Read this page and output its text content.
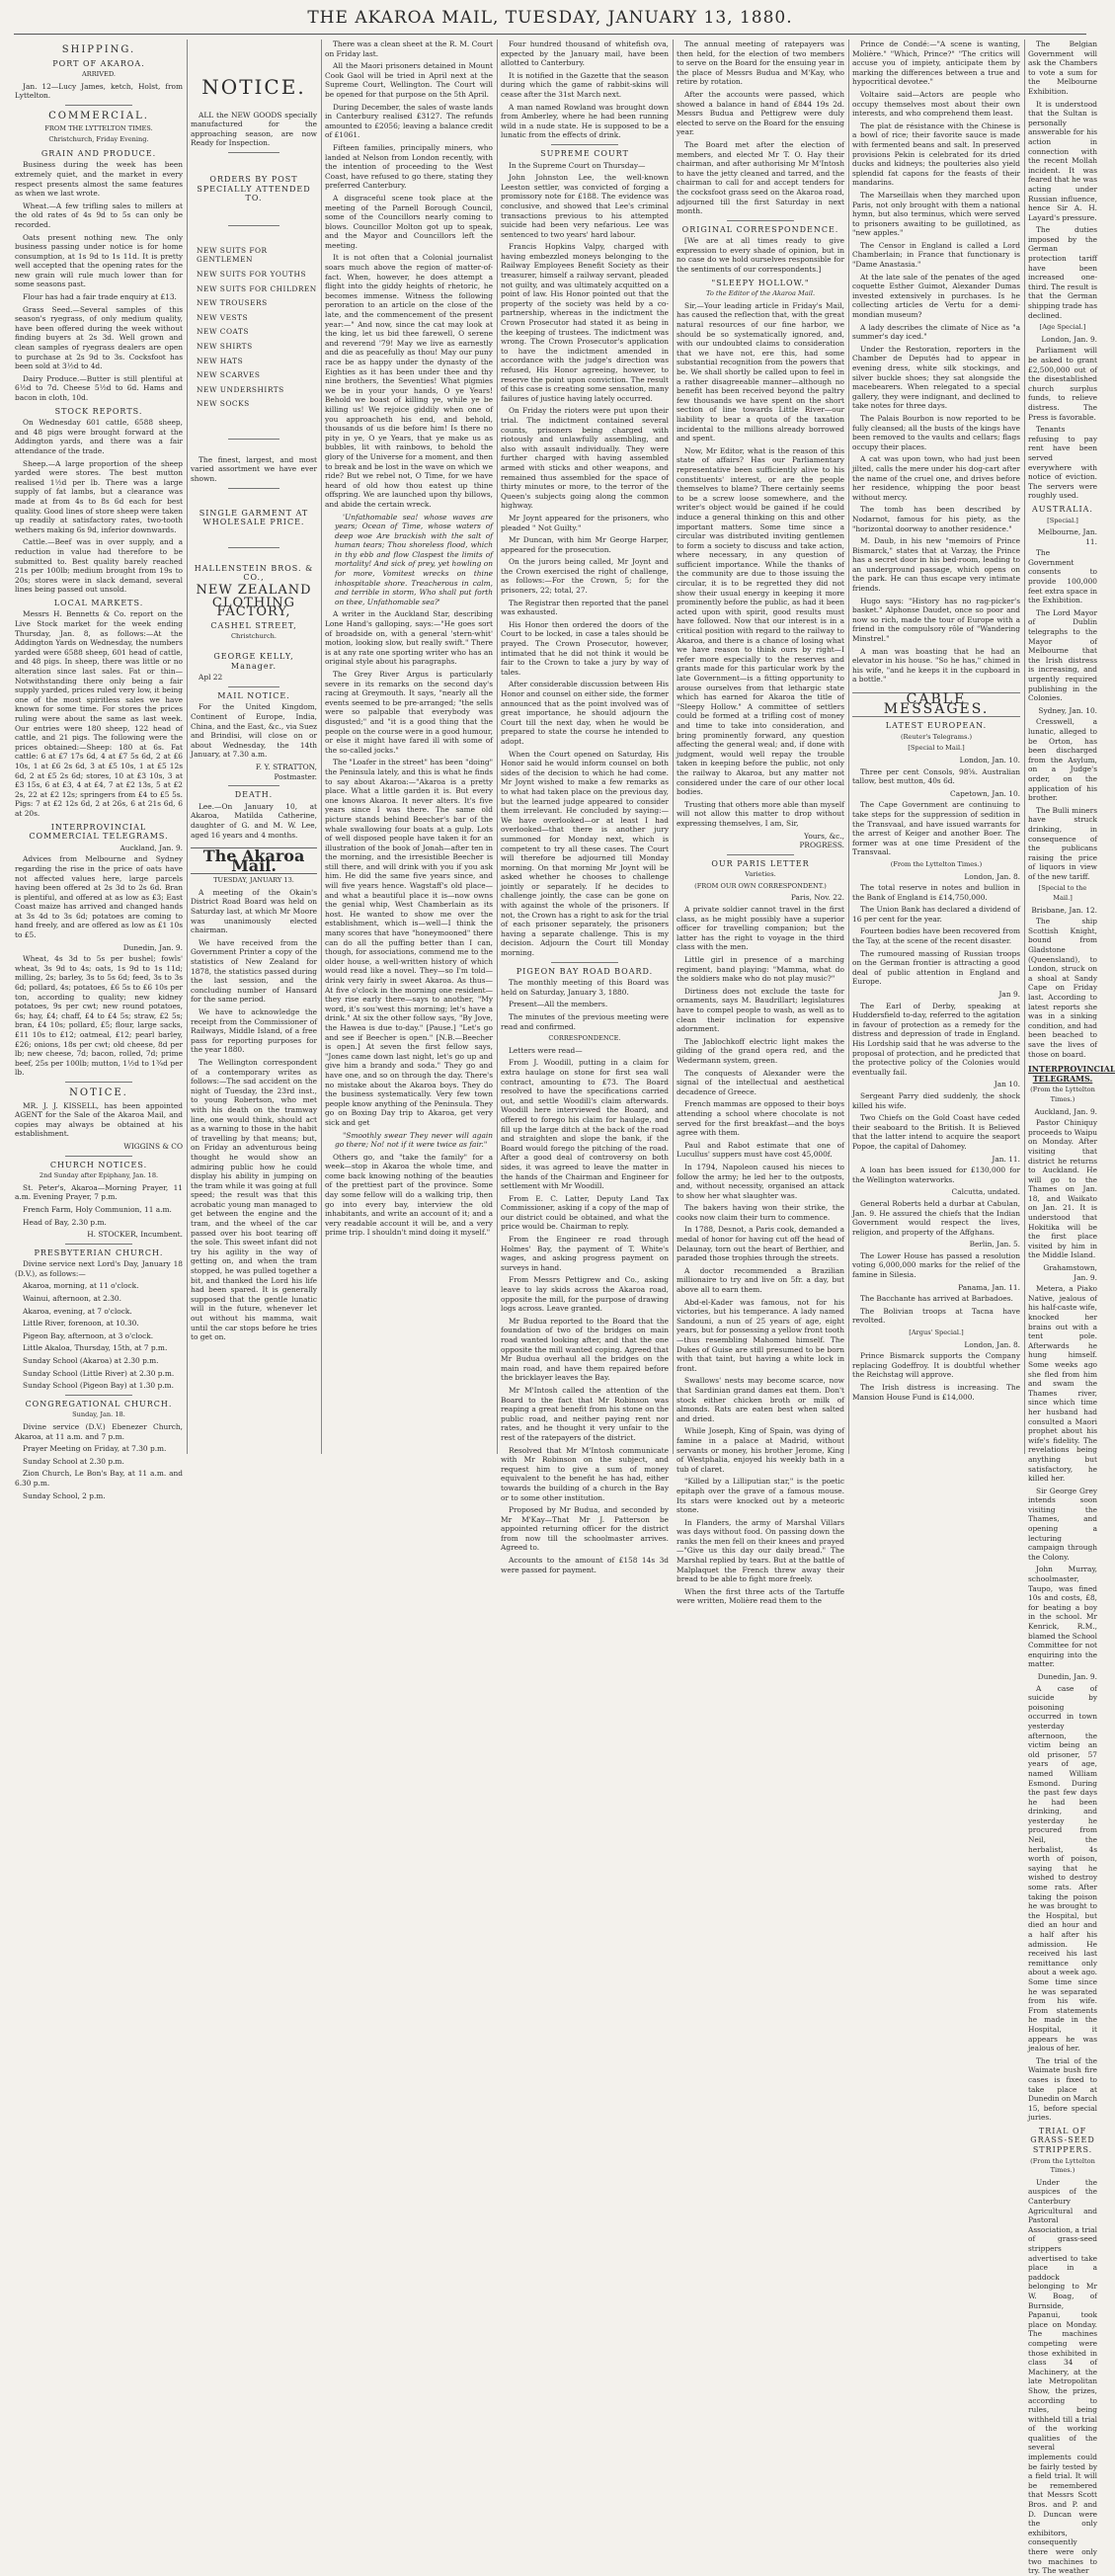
THE AKAROA MAIL, TUESDAY, JANUARY 13, 1880.
SHIPPING.
PORT OF AKAROA.
ARRIVED.
Jan. 12—Lucy James, ketch, Holst, from Lyttelton.
COMMERCIAL.
FROM THE LYTTELTON TIMES.
Christchurch, Friday Evening.
GRAIN AND PRODUCE.
Business during the week has been extremely quiet, and the market in every respect presents almost the same features as when we last wrote.
Wheat.—A few trifling sales to millers at the old rates of 4s 9d to 5s can only be recorded.
Oats present nothing new. The only business passing under notice is for home consumption, at 1s 9d to 1s 11d. It is pretty well accepted that the opening rates for the new grain will rule much lower than for some seasons past.
Flour has had a fair trade enquiry at £13.
Grass Seed.—Several samples of this season's ryegrass, of only medium quality, have been offered during the week without finding buyers at 2s 3d. Well grown and clean samples of ryegrass dealers are open to purchase at 2s 9d to 3s. Cocksfoot has been sold at 3½d to 4d.
Dairy Produce.—Butter is still plentiful at 6½d to 7d. Cheese 5½d to 6d. Hams and bacon in cloth, 10d.
STOCK REPORTS.
On Wednesday 601 cattle, 6588 sheep, and 48 pigs were brought forward at the Addington yards, and there was a fair attendance of the trade.
Sheep.—A large proportion of the sheep yarded were stores. The best mutton realised 1½d per lb. There was a large supply of fat lambs, but a clearance was made at from 4s to 8s 6d each for best quality. Good lines of store sheep were taken up readily at satisfactory rates, two-tooth wethers making 6s 9d, inferior downwards.
Cattle.—Beef was in over supply, and a reduction in value had therefore to be submitted to. Best quality barely reached 21s per 100lb; medium brought from 19s to 20s; stores were in slack demand, several lines being passed out unsold.
LOCAL MARKETS.
Messrs H. Bennetts & Co. report on the Live Stock market for the week ending Thursday, Jan. 8, as follows:—At the Addington Yards on Wednesday, the numbers yarded were 6588 sheep, 601 head of cattle, and 48 pigs. In sheep, there was little or no alteration since last sales. Fat or thin—Notwithstanding there only being a fair supply yarded, prices ruled very low, it being one of the most spiritless sales we have known for some time. For stores the prices ruling were about the same as last week. Our entries were 180 sheep, 122 head of cattle, and 21 pigs. The following were the prices obtained:—Sheep: 180 at 6s. Fat cattle: 6 at £7 17s 6d, 4 at £7 5s 6d, 2 at £6 10s, 1 at £6 2s 6d, 3 at £5 10s, 1 at £5 12s 6d, 2 at £5 2s 6d; stores, 10 at £3 10s, 3 at £3 15s, 6 at £3, 4 at £4, 7 at £2 13s, 5 at £2 2s, 22 at £2 12s; springers from £4 to £5 5s. Pigs: 7 at £2 12s 6d, 2 at 26s, 6 at 21s 6d, 6 at 20s.
INTERPROVINCIAL COMMERCIAL TELEGRAMS.
Auckland, Jan. 9.
Advices from Melbourne and Sydney regarding the rise in the price of oats have not affected values here, large parcels having been offered at 2s 3d to 2s 6d. Bran is plentiful, and offered at as low as £3; East Coast maize has arrived and changed hands at 3s 4d to 3s 6d; potatoes are coming to hand freely, and are offered as low as £1 10s to £5.
Dunedin, Jan. 9.
Wheat, 4s 3d to 5s per bushel; fowls' wheat, 3s 9d to 4s; oats, 1s 9d to 1s 11d; milling, 2s; barley, 3s to 5s 6d; feed, 3s to 3s 6d; pollard, 4s; potatoes, £6 5s to £6 10s per ton, according to quality; new kidney potatoes, 9s per cwt; new round potatoes, 6s; hay, £4; chaff, £4 to £4 5s; straw, £2 5s; bran, £4 10s; pollard, £5; flour, large sacks, £11 10s to £12; oatmeal, £12; pearl barley, £26; onions, 18s per cwt; old cheese, 8d per lb; new cheese, 7d; bacon, rolled, 7d; prime beef, 25s per 100lb; mutton, 1½d to 1¾d per lb.
NOTICE.
MR. J. J. KISSELL, has been appointed AGENT for the Sale of the Akaroa Mail, and copies may always be obtained at his establishment.
WIGGINS & CO
CHURCH NOTICES.
2nd Sunday after Epiphany, Jan. 18.
St. Peter's, Akaroa—Morning Prayer, 11 a.m. Evening Prayer, 7 p.m.
French Farm, Holy Communion, 11 a.m.
Head of Bay, 2.30 p.m.
H. STOCKER, Incumbent.
PRESBYTERIAN CHURCH.
Divine service next Lord's Day, January 18 (D.V.), as follows:—
Akaroa, morning, at 11 o'clock.
Wainui, afternoon, at 2.30.
Akaroa, evening, at 7 o'clock.
Little River, forenoon, at 10.30.
Pigeon Bay, afternoon, at 3 o'clock.
Little Akaloa, Thursday, 15th, at 7 p.m.
Sunday School (Akaroa) at 2.30 p.m.
Sunday School (Little River) at 2.30 p.m.
Sunday School (Pigeon Bay) at 1.30 p.m.
CONGREGATIONAL CHURCH.
Sunday, Jan. 18.
Divine service (D.V.) Ebenezer Church, Akaroa, at 11 a.m. and 7 p.m.
Prayer Meeting on Friday, at 7.30 p.m.
Sunday School at 2.30 p.m.
Zion Church, Le Bon's Bay, at 11 a.m. and 6.30 p.m.
Sunday School, 2 p.m.
NOTICE.
ALL the NEW GOODS specially manufactured for the approaching season, are now Ready for Inspection.
ORDERS BY POST SPECIALLY ATTENDED TO.
NEW SUITS FOR GENTLEMEN
NEW SUITS FOR YOUTHS
NEW SUITS FOR CHILDREN
NEW TROUSERS
NEW VESTS
NEW COATS
NEW SHIRTS
NEW HATS
NEW SCARVES
NEW UNDERSHIRTS
NEW SOCKS
The finest, largest, and most varied assortment we have ever shown.
SINGLE GARMENT AT WHOLESALE PRICE.
HALLENSTEIN BROS. & CO.,
NEW ZEALAND
CLOTHING FACTORY,
CASHEL STREET,
Christchurch.
GEORGE KELLY, Manager.
Apl 22
MAIL NOTICE.
For the United Kingdom, Continent of Europe, India, China, and the East, &c., via Suez and Brindisi, will close on or about Wednesday, the 14th January, at 7.30 a.m.
F. Y. STRATTON,
Postmaster.
DEATH.
Lee.—On January 10, at Akaroa, Matilda Catherine, daughter of G. and M. W. Lee, aged 16 years and 4 months.
The Akaroa Mail.
TUESDAY, JANUARY 13.
A meeting of the Okain's District Road Board was held on Saturday last, at which Mr Moore was unanimously elected chairman.
We have received from the Government Printer a copy of the statistics of New Zealand for 1878, the statistics passed during the last session, and the concluding number of Hansard for the same period.
We have to acknowledge the receipt from the Commissioner of Railways, Middle Island, of a free pass for reporting purposes for the year 1880.
The Wellington correspondent of a contemporary writes as follows:—The sad accident on the night of Tuesday, the 23rd inst., to young Robertson, who met with his death on the tramway line, one would think, should act as a warning to those in the habit of travelling by that means; but, on Friday an adventurous being thought he would show an admiring public how he could display his ability in jumping on the tram while it was going at full speed; the result was that this acrobatic young man managed to get between the engine and the tram, and the wheel of the car passed over his boot tearing off the sole. This sweet infant did not try his agility in the way of getting on, and when the tram stopped, he was pulled together a bit, and thanked the Lord his life had been spared. It is generally supposed that the gentle lunatic will in the future, whenever let out without his mamma, wait until the car stops before he tries to get on.
There was a clean sheet at the R. M. Court on Friday last.
All the Maori prisoners detained in Mount Cook Gaol will be tried in April next at the Supreme Court, Wellington. The Court will be opened for that purpose on the 5th April.
During December, the sales of waste lands in Canterbury realised £3127. The refunds amounted to £2056; leaving a balance credit of £1061.
Fifteen families, principally miners, who landed at Nelson from London recently, with the intention of proceeding to the West Coast, have refused to go there, stating they preferred Canterbury.
A disgraceful scene took place at the meeting of the Parnell Borough Council, some of the Councillors nearly coming to blows. Councillor Molton got up to speak, and the Mayor and Councillors left the meeting.
It is not often that a Colonial journalist soars much above the region of matter-of-fact. When, however, he does attempt a flight into the giddy heights of rhetoric, he becomes immense. Witness the following peroration to an article on the close of the late, and the commencement of the present year:—" And now, since the cat may look at the king, let us bid thee farewell, O serene and reverend '79! May we live as earnestly and die as peacefully as thou! May our puny race be as happy under the dynasty of the Eighties as it has been under thee and thy nine brothers, the Seventies! What pigmies we be in your your hands, O ye Years! Behold we boast of killing ye, while ye be killing us! We rejoice giddily when one of you approacheth his end, and behold, thousands of us die before him! Is there no pity in ye, O ye Years, that ye make us as bubbles, lit with rainbows, to behold the glory of the Universe for a moment, and then to break and be lost in the wave on which we ride? But we rebel not, O Time, for we have heard of old how thou eatest up thine offspring. We are launched upon thy billows, and abide the certain wreck.
'Unfathomable sea! whose waves are years; Ocean of Time, whose waters of deep woe Are brackish with the salt of human tears; Thou shoreless flood, which in thy ebb and flow Claspest the limits of mortality! And sick of prey, yet howling on for more, Vomitest wrecks on thine inhospitable shore. Treacherous in calm, and terrible in storm, Who shall put forth on thee, Unfathomable sea?'
A writer in the Auckland Star, describing Lone Hand's galloping, says:—"He goes sort of broadside on, with a general 'stern-whit' motion, looking slow, but really swift." There is at any rate one sporting writer who has an original style about his paragraphs.
The Grey River Argus is particularly severe in its remarks on the second day's racing at Greymouth. It says, "nearly all the events seemed to be pre-arranged; "the sells were so palpable that everybody was disgusted;" and "it is a good thing that the people on the course were in a good humour, or else it might have fared ill with some of the so-called jocks."
The "Loafer in the street" has been "doing" the Peninsula lately, and this is what he finds to say about Akaroa:—"Akaroa is a pretty place. What a little garden it is. But every one knows Akaroa. It never alters. It's five years since I was there. The same old picture stands behind Beecher's bar of the whale swallowing four boats at a gulp. Lots of well disposed people have taken it for an illustration of the book of Jonah—after ten in the morning, and the irresistible Beecher is still there, and will drink with you if you ask him. He did the same five years since, and will five years hence. Wagstaff's old place—and what a beautiful place it is—now owns the genial whip, West Chamberlain as its host. He wanted to show me over the establishment, which is—well—I think the many scores that have "honeymooned" there can do all the puffing better than I can, though, for associations, commend me to the older house, a well-written history of which would read like a novel. They—so I'm told—drink very fairly in sweet Akaroa. As thus—At five o'clock in the morning one resident—they rise early there—says to another, "My word, it's sou'west this morning; let's have a drink." At six the other follow says, "By Jove, the Hawea is due to-day." [Pause.] "Let's go and see if Beecher is open." [N.B.—Beecher is open.] At seven the first fellow says, "Jones came down last night, let's go up and give him a brandy and soda." They go and have one, and so on through the day. There's no mistake about the Akaroa boys. They do the business systematically. Very few town people know anything of the Peninsula. They go on Boxing Day trip to Akaroa, get very sick and get
"Smoothly swear They never will again go there; No! not if it were twice as fair."
Others go, and "take the family" for a week—stop in Akaroa the whole time, and come back knowing nothing of the beauties of the prettiest part of the province. Some day some fellow will do a walking trip, then go into every bay, interview the old inhabitants, and write an account of it; and a very readable account it will be, and a very prime trip. I shouldn't mind doing it myself."
Four hundred thousand of whitefish ova, expected by the January mail, have been allotted to Canterbury.
It is notified in the Gazette that the season during which the game of rabbit-skins will cease after the 31st March next.
A man named Rowland was brought down from Amberley, where he had been running wild in a nude state. He is supposed to be a lunatic from the effects of drink.
SUPREME COURT
In the Supreme Court on Thursday—
John Johnston Lee, the well-known Leeston settler, was convicted of forging a promissory note for £188. The evidence was conclusive, and showed that Lee's criminal transactions previous to his attempted suicide had been very nefarious. Lee was sentenced to two years' hard labour.
Francis Hopkins Valpy, charged with having embezzled moneys belonging to the Railway Employees Benefit Society as their treasurer, himself a railway servant, pleaded not guilty, and was ultimately acquitted on a point of law. His Honor pointed out that the property of the society was held by a co-partnership, whereas in the indictment the Crown Prosecutor had stated it as being in the keeping of trustees. The indictment was wrong. The Crown Prosecutor's application to have the indictment amended in accordance with the judge's direction was refused, His Honor agreeing, however, to reserve the point upon conviction. The result of this case is creating some sensation, many failures of justice having lately occurred.
On Friday the rioters were put upon their trial. The indictment contained several counts, prisoners being charged with riotously and unlawfully assembling, and also with assault individually. They were further charged with having assembled armed with sticks and other weapons, and remained thus assembled for the space of thirty minutes or more, to the terror of the Queen's subjects going along the common highway.
Mr Joynt appeared for the prisoners, who pleaded " Not Guilty."
Mr Duncan, with him Mr George Harper, appeared for the prosecution.
On the jurors being called, Mr Joynt and the Crown exercised the right of challenge, as follows:—For the Crown, 5; for the prisoners, 22; total, 27.
The Registrar then reported that the panel was exhausted.
His Honor then ordered the doors of the Court to be locked, in case a tales should be prayed. The Crown Prosecutor, however, intimated that he did not think it would be fair to the Crown to take a jury by way of tales.
After considerable discussion between His Honor and counsel on either side, the former announced that as the point involved was of great importance, he should adjourn the Court till the next day, when he would be prepared to state the course he intended to adopt.
When the Court opened on Saturday, His Honor said he would inform counsel on both sides of the decision to which he had come. Mr Joynt wished to make a few remarks as to what had taken place on the previous day, but the learned judge appeared to consider them irrelevant. He concluded by saying:—We have overlooked—or at least I had overlooked—that there is another jury summoned for Monday next, which is competent to try all these cases. The Court will therefore be adjourned till Monday morning. On that morning Mr Joynt will be asked whether he chooses to challenge jointly or separately. If he decides to challenge jointly, the case can be gone on with against the whole of the prisoners. If not, the Crown has a right to ask for the trial of each prisoner separately, the prisoners having a separate challenge. This is my decision. Adjourn the Court till Monday morning.
PIGEON BAY ROAD BOARD.
The monthly meeting of this Board was held on Saturday, January 3, 1880.
Present—All the members.
The minutes of the previous meeting were read and confirmed.
CORRESPONDENCE.
Letters were read—
From J. Woodill, putting in a claim for extra haulage on stone for first sea wall contract, amounting to £73. The Board resolved to have the specifications carried out, and settle Woodill's claim afterwards. Woodill here interviewed the Board, and offered to forego his claim for haulage, and fill up the large ditch at the back of the road and straighten and slope the bank, if the Board would forego the pitching of the road. After a good deal of controversy on both sides, it was agreed to leave the matter in the hands of the Chairman and Engineer for settlement with Mr Woodill.
From E. C. Latter, Deputy Land Tax Commissioner, asking if a copy of the map of our district could be obtained, and what the price would be. Chairman to reply.
From the Engineer re road through Holmes' Bay, the payment of T. White's wages, and asking progress payment on surveys in hand.
From Messrs Pettigrew and Co., asking leave to lay skids across the Akaroa road, opposite the mill, for the purpose of drawing logs across. Leave granted.
Mr Budua reported to the Board that the foundation of two of the bridges on main road wanted looking after, and that the one opposite the mill wanted coping. Agreed that Mr Budua overhaul all the bridges on the main road, and have them repaired before the bricklayer leaves the Bay.
Mr M'Intosh called the attention of the Board to the fact that Mr Robinson was reaping a great benefit from his stone on the public road, and neither paying rent nor rates, and he thought it very unfair to the rest of the ratepayers of the district.
Resolved that Mr M'Intosh communicate with Mr Robinson on the subject, and request him to give a sum of money equivalent to the benefit he has had, either towards the building of a church in the Bay or to some other institution.
Proposed by Mr Budua, and seconded by Mr M'Kay—That Mr J. Patterson be appointed returning officer for the district from now till the schoolmaster arrives. Agreed to.
Accounts to the amount of £158 14s 3d were passed for payment.
The annual meeting of ratepayers was then held, for the election of two members to serve on the Board for the ensuing year in the place of Messrs Budua and M'Kay, who retire by rotation.
After the accounts were passed, which showed a balance in hand of £844 19s 2d. Messrs Budua and Pettigrew were duly elected to serve on the Board for the ensuing year.
The Board met after the election of members, and elected Mr T. O. Hay their chairman, and after authorising Mr M'Intosh to have the jetty cleaned and tarred, and the chairman to call for and accept tenders for the cocksfoot grass seed on the Akaroa road, adjourned till the first Saturday in next month.
ORIGINAL CORRESPONDENCE.
[We are at all times ready to give expression to every shade of opinion, but in no case do we hold ourselves responsible for the sentiments of our correspondents.]
"SLEEPY HOLLOW."
To the Editor of the Akaroa Mail.
Sir,—Your leading article in Friday's Mail, has caused the reflection that, with the great natural resources of our fine harbor, we should be so systematically ignored, and, with our undoubted claims to consideration that we have not, ere this, had some substantial recognition from the powers that be. We shall shortly be called upon to feel in a rather disagreeable manner—although no benefit has been received beyond the paltry few thousands we have spent on the short section of line towards Little River—our liability to bear a quota of the taxation incidental to the millions already borrowed and spent.
Now, Mr Editor, what is the reason of this state of affairs? Has our Parliamentary representative been sufficiently alive to his constituents' interest, or are the people themselves to blame? There certainly seems to be a screw loose somewhere, and the writer's object would be gained if he could induce a general thinking on this and other important matters. Some time since a circular was distributed inviting gentlemen to form a society to discuss and take action, where necessary, in any question of sufficient importance. While the thanks of the community are due to those issuing the circular, it is to be regretted they did not show their usual energy in keeping it more prominently before the public, as had it been acted upon with spirit, good results must have followed. Now that our interest is in a critical position with regard to the railway to Akaroa, and there is a chance of losing what we have reason to think ours by right—I refer more especially to the reserves and grants made for this particular work by the late Government—is a fitting opportunity to arouse ourselves from that lethargic state which has earned for Akaroa the title of "Sleepy Hollow." A committee of settlers could be formed at a trifling cost of money and time to take into consideration, and bring prominently forward, any question affecting the general weal; and, if done with judgment, would well repay the trouble taken in keeping before the public, not only the railway to Akaroa, but any matter not considered under the care of our other local bodies.
Trusting that others more able than myself will not allow this matter to drop without expressing themselves, I am, Sir,
Yours, &c.,
PROGRESS.
OUR PARIS LETTER
Varieties.
(FROM OUR OWN CORRESPONDENT.)
Paris, Nov. 22.
A private soldier cannot travel in the first class, as he might possibly have a superior officer for travelling companion; but the latter has the right to voyage in the third class with the men.
Little girl in presence of a marching regiment, band playing: "Mamma, what do the soldiers make who do not play music?"
Dirtiness does not exclude the taste for ornaments, says M. Baudrillart; legislatures have to compel people to wash, as well as to clean their inclination for expensive adornment.
The Jablochkoff electric light makes the gilding of the grand opera red, and the Wedermann system, green.
The conquests of Alexander were the signal of the intellectual and aesthetical decadence of Greece.
French mammas are opposed to their boys attending a school where chocolate is not served for the first breakfast—and the boys agree with them.
Paul and Rabot estimate that one of Lucullus' suppers must have cost 45,000f.
In 1794, Napoleon caused his nieces to follow the army; he led her to the outposts, and, without necessity, organised an attack to show her what slaughter was.
The bakers having won their strike, the cooks now claim their turn to commence.
In 1788, Desnot, a Paris cook, demanded a medal of honor for having cut off the head of Delaunay, torn out the heart of Berthier, and paraded those trophies through the streets.
A doctor recommended a Brazilian millionaire to try and live on 5fr. a day, but above all to earn them.
Abd-el-Kader was famous, not for his victories, but his temperance. A lady named Sandouni, a nun of 25 years of age, eight years, but for possessing a yellow front tooth—thus resembling Mahomed himself. The Dukes of Guise are still presumed to be born with that taint, but having a white lock in front.
Swallows' nests may become scarce, now that Sardinian grand dames eat them. Don't stock either chicken broth or milk of almonds. Rats are eaten best when salted and dried.
While Joseph, King of Spain, was dying of famine in a palace at Madrid, without servants or money, his brother Jerome, King of Westphalia, enjoyed his weekly bath in a tub of claret.
"Killed by a Lilliputian star," is the poetic epitaph over the grave of a famous mouse. Its stars were knocked out by a meteoric stone.
In Flanders, the army of Marshal Villars was days without food. On passing down the ranks the men fell on their knees and prayed—"Give us this day our daily bread." The Marshal replied by tears. But at the battle of Malplaquet the French threw away their bread to be able to fight more freely.
When the first three acts of the Tartuffe were written, Molière read them to the
Prince de Condé:—"A scene is wanting, Molière." "Which, Prince?" "The critics will accuse you of impiety, anticipate them by marking the differences between a true and hypocritical devotee."
Voltaire said—Actors are people who occupy themselves most about their own interests, and who comprehend them least.
The plat de résistance with the Chinese is a bowl of rice; their favorite sauce is made with fermented beans and salt. In preserved provisions Pekin is celebrated for its dried ducks and kidneys; the poulteries also yield splendid fat capons for the feasts of their mandarins.
The Marseillais when they marched upon Paris, not only brought with them a national hymn, but also terminus, which were served to prisoners awaiting to be guillotined, as "new apples."
The Censor in England is called a Lord Chamberlain; in France that functionary is "Dame Anastasia."
At the late sale of the penates of the aged coquette Esther Guimot, Alexander Dumas invested extensively in purchases. Is he collecting articles de Vertu for a demi-mondian museum?
A lady describes the climate of Nice as "a summer's day iced."
Under the Restoration, reporters in the Chamber de Deputés had to appear in evening dress, white silk stockings, and silver buckle shoes; they sat alongside the macebearers. When relegated to a special gallery, they were indignant, and declined to take notes for three days.
The Palais Bourbon is now reported to be fully cleansed; all the busts of the kings have been removed to the vaults and cellars; flags occupy their places.
A cat was upon town, who had just been jilted, calls the mere under his dog-cart after the name of the cruel one, and drives before her residence, whipping the poor beast without mercy.
The tomb has been described by Nodarnot, famous for his piety, as the "horizontal doorway to another residence."
M. Daub, in his new "memoirs of Prince Bismarck," states that at Varzay, the Prince has a secret door in his bed-room, leading to an underground passage, which opens on the park. He can thus escape very intimate friends.
Hugo says: "History has no rag-picker's basket." Alphonse Daudet, once so poor and now so rich, made the tour of Europe with a friend in the compulsory rôle of "Wandering Minstrel."
A man was boasting that he had an elevator in his house. "So he has," chimed in his wife, "and he keeps it in the cupboard in a bottle."
CABLE MESSAGES.
LATEST EUROPEAN.
(Reuter's Telegrams.)
[Special to Mail.]
London, Jan. 10.
Three per cent Consols, 98⅝. Australian tallow, best mutton, 40s 6d.
Capetown, Jan. 10.
The Cape Government are continuing to take steps for the suppression of sedition in the Transvaal, and have issued warrants for the arrest of Keiger and another Boer. The former was at one time President of the Transvaal.
(From the Lyttelton Times.)
London, Jan. 8.
The total reserve in notes and bullion in the Bank of England is £14,750,000.
The Union Bank has declared a dividend of 16 per cent for the year.
Fourteen bodies have been recovered from the Tay, at the scene of the recent disaster.
The rumoured massing of Russian troops on the German frontier is attracting a good deal of public attention in England and Europe.
Jan 9.
The Earl of Derby, speaking at Huddersfield to-day, referred to the agitation in favour of protection as a remedy for the distress and depression of trade in England. His Lordship said that he was adverse to the proposal of protection, and he predicted that the protective policy of the Colonies would eventually fail.
Jan 10.
Sergeant Parry died suddenly, the shock killed his wife.
Two Chiefs on the Gold Coast have ceded their seaboard to the British. It is Believed that the latter intend to acquire the seaport Popoe, the capital of Dahomey.
Jan. 11.
A loan has been issued for £130,000 for the Wellington waterworks.
Calcutta, undated.
General Roberts held a durbar at Cabulan, Jan. 9. He assured the chiefs that the Indian Government would respect the lives, religion, and property of the Affghans.
Berlin, Jan. 5.
The Lower House has passed a resolution voting 6,000,000 marks for the relief of the famine in Silesia.
Panama, Jan. 11.
The Bacchante has arrived at Barbadoes.
The Bolivian troops at Tacna have revolted.
[Argus' Special.]
London, Jan. 8.
Prince Bismarck supports the Company replacing Godeffroy. It is doubtful whether the Reichstag will approve.
The Irish distress is increasing. The Mansion House Fund is £14,000.
The Belgian Government will ask the Chambers to vote a sum for the Melbourne Exhibition.
It is understood that the Sultan is personally answerable for his action in connection with the recent Mollah incident. It was feared that he was acting under Russian influence, hence Sir A. H. Layard's pressure.
The duties imposed by the German protection tariff have been increased one-third. The result is that the German shipping trade has declined.
[Age Special.]
London, Jan. 9.
Parliament will be asked to grant £2,500,000 out of the disestablished church surplus funds, to relieve distress. The Press is favorable.
Tenants refusing to pay rent have been served everywhere with notice of eviction. The servers were roughly used.
AUSTRALIA.
[Special.]
Melbourne, Jan. 11.
The Government consents to provide 100,000 feet extra space in the Exhibition.
The Lord Mayor of Dublin telegraphs to the Mayor of Melbourne that the Irish distress is increasing, and urgently required publishing in the Colonies.
Sydney, Jan. 10.
Cresswell, a lunatic, alleged to be Orton, has been discharged from the Asylum, on a Judge's order, on the application of his brother.
The Bulli miners have struck drinking, in consequence of the publicans raising the price of liquors in view of the new tariff.
[Special to the Mail.]
Brisbane, Jan. 12.
The ship Scottish Knight, bound from Gladstone (Queensland), to London, struck on a shoal at Sandy Cape on Friday last. According to latest reports she was in a sinking condition, and had been beached to save the lives of those on board.
INTERPROVINCIAL TELEGRAMS.
(From the Lyttelton Times.)
Auckland, Jan. 9.
Pastor Chiniquy proceeds to Waipu on Monday. After visiting that district he returns to Auckland. He will go to the Thames on Jan. 18, and Waikato on Jan. 21. It is understood that Hokitika will be the first place visited by him in the Middle Island.
Grahamstown, Jan. 9.
Metera, a Piako Native, jealous of his half-caste wife, knocked her brains out with a tent pole. Afterwards he hung himself. Some weeks ago she fled from him and swam the Thames river, since which time her husband had consulted a Maori prophet about his wife's fidelity. The revelations being anything but satisfactory, he killed her.
Sir George Grey intends soon visiting the Thames, and opening a lecturing campaign through the Colony.
John Murray, schoolmaster, Taupo, was fined 10s and costs, £8, for beating a boy in the school. Mr Kenrick, R.M., blamed the School Committee for not enquiring into the matter.
Dunedin, Jan. 9.
A case of suicide by poisoning occurred in town yesterday afternoon, the victim being an old prisoner, 57 years of age, named William Esmond. During the past few days he had been drinking, and yesterday he procured from Neil, the herbalist, 4s worth of poison, saying that he wished to destroy some rats. After taking the poison he was brought to the Hospital, but died an hour and a half after his admission. He received his last remittance only about a week ago. Some time since he was separated from his wife. From statements he made in the Hospital, it appears he was jealous of her.
The trial of the Waimate bush fire cases is fixed to take place at Dunedin on March 15, before special juries.
TRIAL OF GRASS-SEED STRIPPERS.
(From the Lyttelton Times.)
Under the auspices of the Canterbury Agricultural and Pastoral Association, a trial of grass-seed strippers advertised to take place in a paddock belonging to Mr W. Boag, of Burnside, Papanui, took place on Monday. The machines competing were those exhibited in class 34 of Machinery, at the late Metropolitan Show, the prizes, according to rules, being withheld till a trial of the working qualities of the several implements could be fairly tested by a field trial. It will be remembered that Messrs Scott Bros. and P. and D. Duncan were the only exhibitors, consequently there were only two machines to try. The weather
